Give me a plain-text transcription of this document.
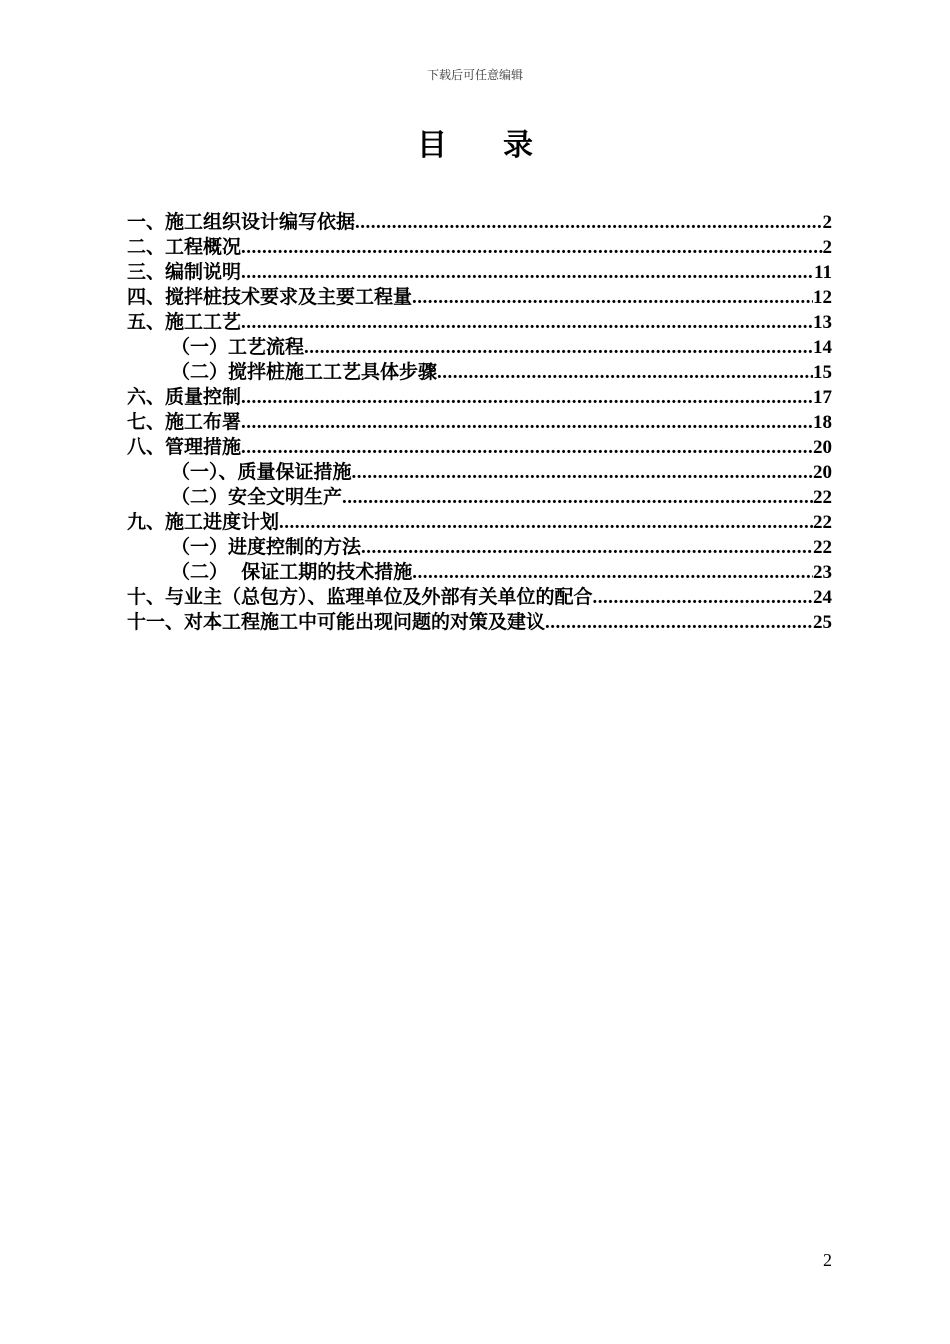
下载后可任意编辑
目录
一、施工组织设计编写依据 .....	2
二、工程概况 .....	2
三、编制说明 .....	11
四、搅拌桩技术要求及主要工程量 .....	12
五、施工工艺 .....	13
（一）工艺流程 .....	14
（二）搅拌桩施工工艺具体步骤 .....	15
六、质量控制 .....	17
七、施工布署 .....	18
八、管理措施 .....	20
（一）、质量保证措施 .....	20
（二）安全文明生产 .....	22
九、施工进度计划 .....	22
（一）进度控制的方法 .....	22
（二）  保证工期的技术措施 .....	23
十、与业主（总包方）、监理单位及外部有关单位的配合 .....	24
十一、对本工程施工中可能出现问题的对策及建议 .....	25
2
